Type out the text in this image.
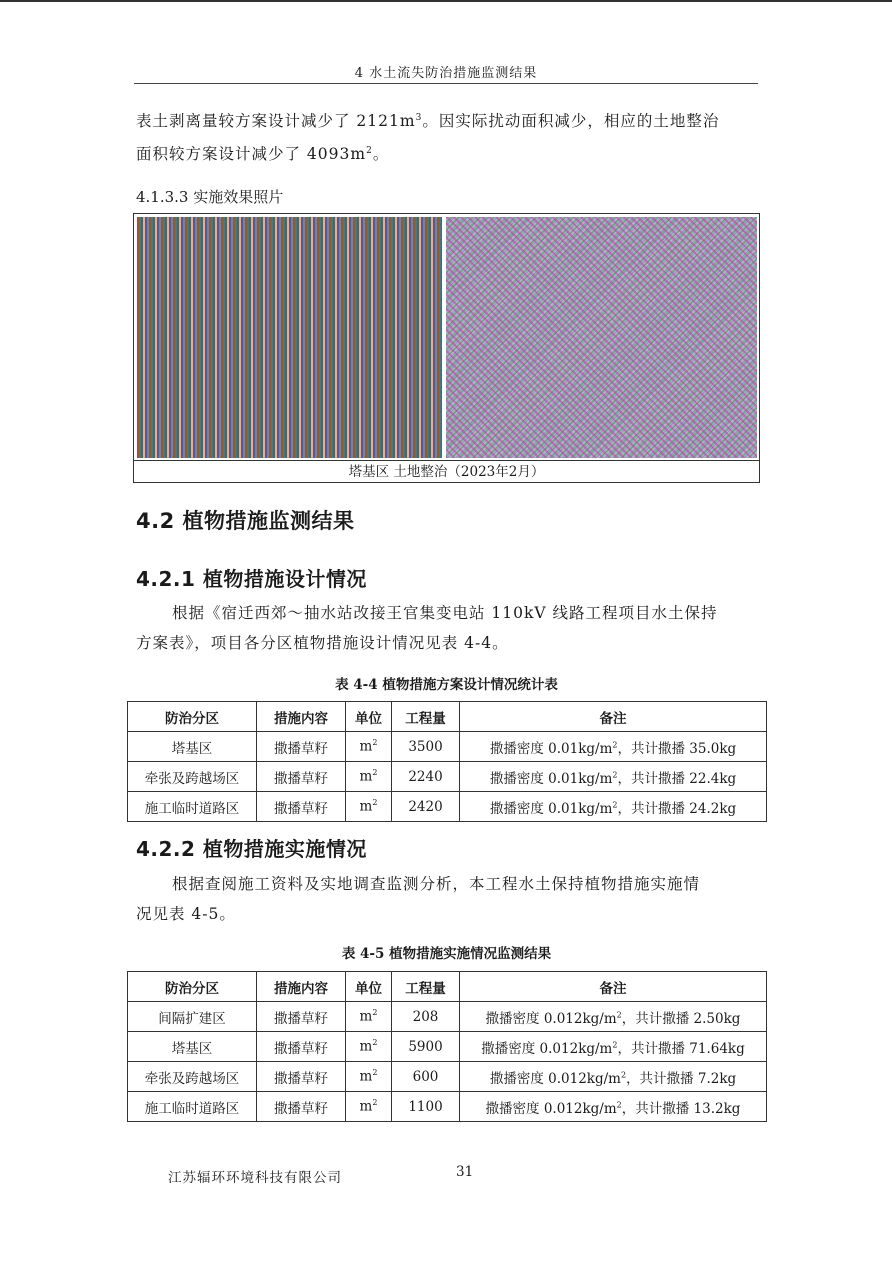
4 水土流失防治措施监测结果
表土剥离量较方案设计减少了 $2121m^3$。因实际扰动面积减少，相应的土地整治
面积较方案设计减少了 $4093m^2$。
4.1.3.3 实施效果照片
塔基区 土地整治（2023年2月）
4.2 植物措施监测结果
4.2.1 植物措施设计情况
根据《宿迁西郊～抽水站改接王官集变电站 110kV 线路工程项目水土保持
方案表》，项目各分区植物措施设计情况见表 4-4。
表 4-4 植物措施方案设计情况统计表
防治分区	措施内容	单位	工程量	备注
塔基区	撒播草籽	$m^2$	3500	撒播密度 $0.01kg/m^2$，共计撒播 35.0kg
牵张及跨越场区	撒播草籽	$m^2$	2240	撒播密度 $0.01kg/m^2$，共计撒播 22.4kg
施工临时道路区	撒播草籽	$m^2$	2420	撒播密度 $0.01kg/m^2$，共计撒播 24.2kg
4.2.2 植物措施实施情况
根据查阅施工资料及实地调查监测分析，本工程水土保持植物措施实施情
况见表 4-5。
表 4-5 植物措施实施情况监测结果
防治分区	措施内容	单位	工程量	备注
间隔扩建区	撒播草籽	$m^2$	208	撒播密度 $0.012kg/m^2$，共计撒播 2.50kg
塔基区	撒播草籽	$m^2$	5900	撒播密度 $0.012kg/m^2$，共计撒播 71.64kg
牵张及跨越场区	撒播草籽	$m^2$	600	撒播密度 $0.012kg/m^2$，共计撒播 7.2kg
施工临时道路区	撒播草籽	$m^2$	1100	撒播密度 $0.012kg/m^2$，共计撒播 13.2kg
江苏辐环环境科技有限公司	31
